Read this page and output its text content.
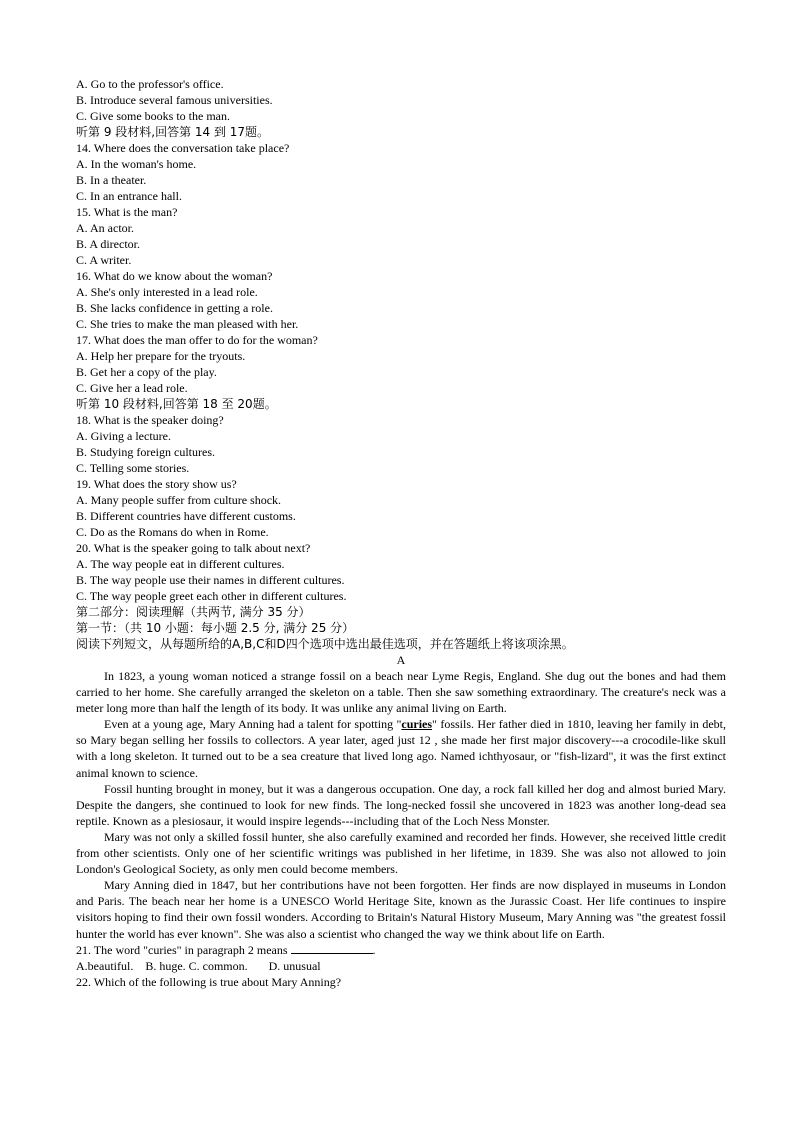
A. Go to the professor's office.
B. Introduce several famous universities.
C. Give some books to the man.
听第 9 段材料,回答第 14 到 17题。
14. Where does the conversation take place?
A. In the woman's home.
B. In a theater.
C. In an entrance hall.
15. What is the man?
A. An actor.
B. A director.
C. A writer.
16. What do we know about the woman?
A. She's only interested in a lead role.
B. She lacks confidence in getting a role.
C. She tries to make the man pleased with her.
17. What does the man offer to do for the woman?
A. Help her prepare for the tryouts.
B. Get her a copy of the play.
C. Give her a lead role.
听第 10 段材料,回答第 18 至 20题。
18. What is the speaker doing?
A. Giving a lecture.
B. Studying foreign cultures.
C. Telling some stories.
19. What does the story show us?
A. Many people suffer from culture shock.
B. Different countries have different customs.
C. Do as the Romans do when in Rome.
20. What is the speaker going to talk about next?
A. The way people eat in different cultures.
B. The way people use their names in different cultures.
C. The way people greet each other in different cultures.
第二部分：阅读理解（共两节, 满分 35 分）
第一节：（共 10 小题：每小题 2.5 分, 满分 25 分）
阅读下列短文，从每题所给的A,B,C和D四个选项中选出最佳选项，并在答题纸上将该项涂黑。
A
In 1823, a young woman noticed a strange fossil on a beach near Lyme Regis, England. She dug out the bones and had them carried to her home. She carefully arranged the skeleton on a table. Then she saw something extraordinary. The creature's neck was a meter long more than half the length of its body. It was unlike any animal living on Earth.
Even at a young age, Mary Anning had a talent for spotting "curies" fossils. Her father died in 1810, leaving her family in debt, so Mary began selling her fossils to collectors. A year later, aged just 12 , she made her first major discovery---a crocodile-like skull with a long skeleton. It turned out to be a sea creature that lived long ago. Named ichthyosaur, or "fish-lizard", it was the first extinct animal known to science.
Fossil hunting brought in money, but it was a dangerous occupation. One day, a rock fall killed her dog and almost buried Mary. Despite the dangers, she continued to look for new finds. The long-necked fossil she uncovered in 1823 was another long-dead sea reptile. Known as a plesiosaur, it would inspire legends---including that of the Loch Ness Monster.
Mary was not only a skilled fossil hunter, she also carefully examined and recorded her finds. However, she received little credit from other scientists. Only one of her scientific writings was published in her lifetime, in 1839. She was also not allowed to join London's Geological Society, as only men could become members.
Mary Anning died in 1847, but her contributions have not been forgotten. Her finds are now displayed in museums in London and Paris. The beach near her home is a UNESCO World Heritage Site, known as the Jurassic Coast. Her life continues to inspire visitors hoping to find their own fossil wonders. According to Britain's Natural History Museum, Mary Anning was "the greatest fossil hunter the world has ever known". She was also a scientist who changed the way we think about life on Earth.
21. The word "curies" in paragraph 2 means	.
A.beautiful.    B. huge. C. common.       D. unusual
22. Which of the following is true about Mary Anning?
